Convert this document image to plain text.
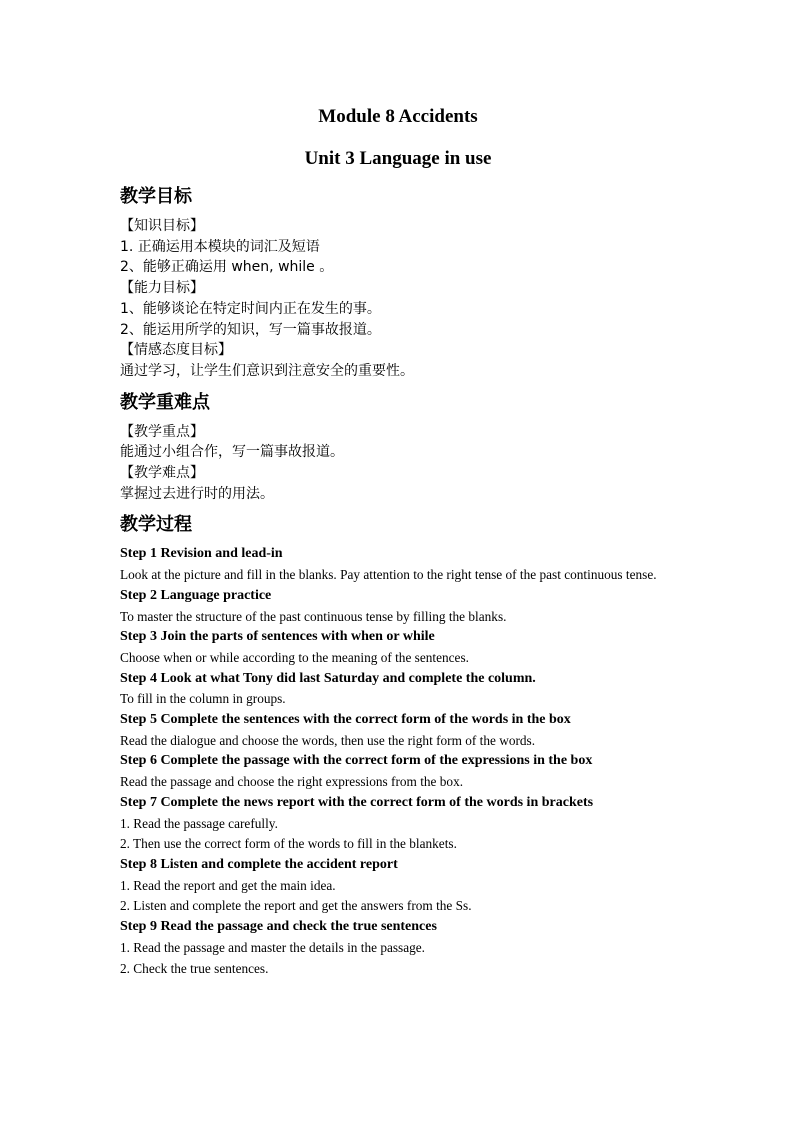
Module 8 Accidents

Unit 3 Language in use

教学目标

【知识目标】

1. 正确运用本模块的词汇及短语

2、能够正确运用 when, while 。

【能力目标】

1、能够谈论在特定时间内正在发生的事。

2、能运用所学的知识，写一篇事故报道。

【情感态度目标】

通过学习，让学生们意识到注意安全的重要性。

教学重难点

【教学重点】

能通过小组合作，写一篇事故报道。

【教学难点】

掌握过去进行时的用法。

教学过程

Step 1 Revision and lead-in

Look at the picture and fill in the blanks. Pay attention to the right tense of the past continuous tense.

Step 2 Language practice

To master the structure of the past continuous tense by filling the blanks.

Step 3 Join the parts of sentences with when or while

Choose when or while according to the meaning of the sentences.

Step 4 Look at what Tony did last Saturday and complete the column.

To fill in the column in groups.

Step 5 Complete the sentences with the correct form of the words in the box

Read the dialogue and choose the words, then use the right form of the words.

Step 6 Complete the passage with the correct form of the expressions in the box

Read the passage and choose the right expressions from the box.

Step 7 Complete the news report with the correct form of the words in brackets

1. Read the passage carefully.

2. Then use the correct form of the words to fill in the blankets.

Step 8 Listen and complete the accident report

1. Read the report and get the main idea.

2. Listen and complete the report and get the answers from the Ss.

Step 9 Read the passage and check the true sentences

1. Read the passage and master the details in the passage.

2. Check the true sentences.
